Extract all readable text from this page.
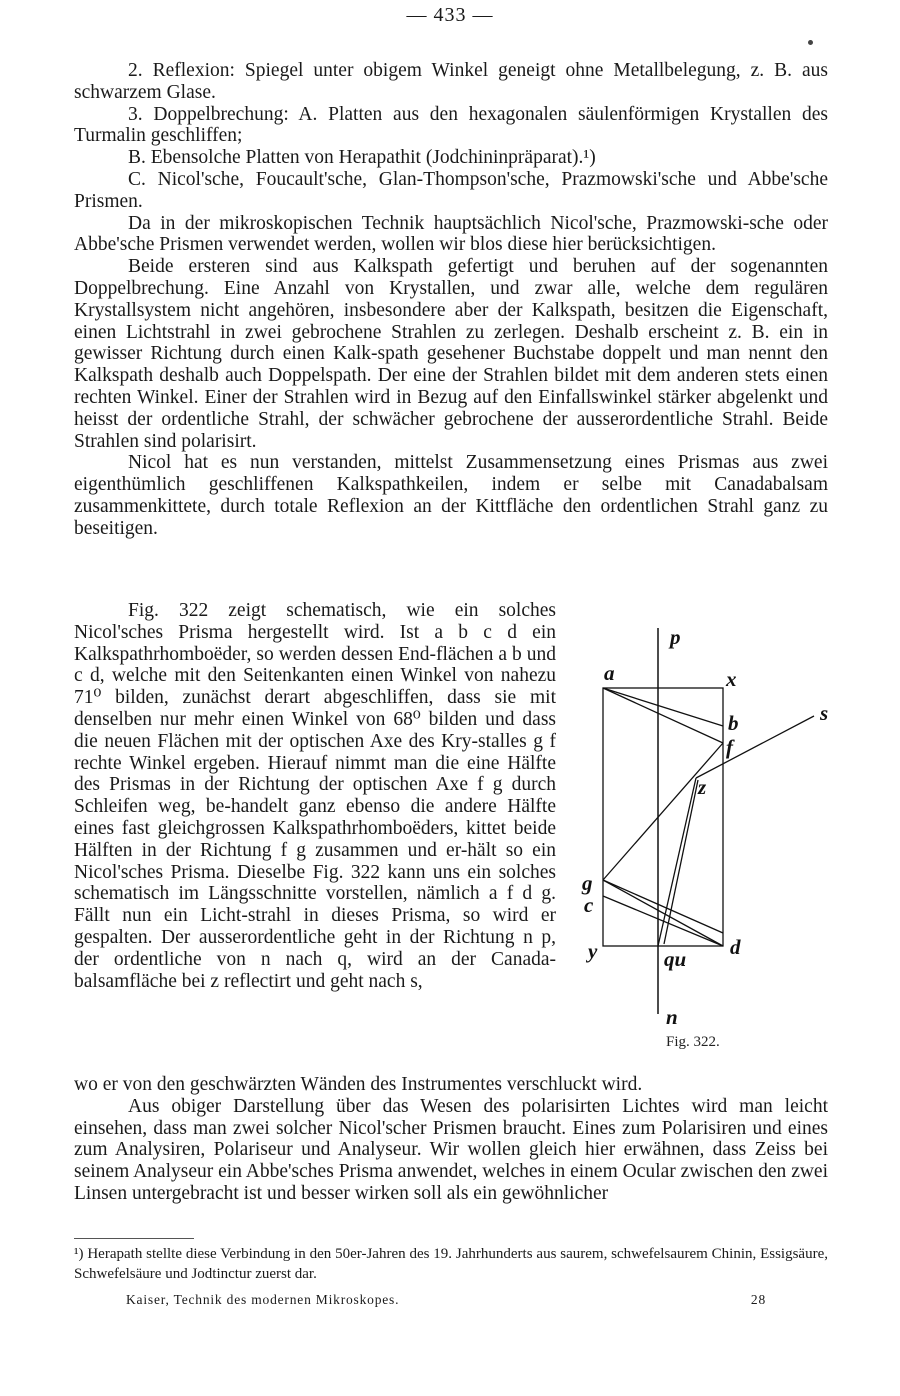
— 433 —

2. Reflexion: Spiegel unter obigem Winkel geneigt ohne Metallbelegung, z. B. aus schwarzem Glase.

3. Doppelbrechung: A. Platten aus den hexagonalen säulenförmigen Krystallen des Turmalin geschliffen;

B. Ebensolche Platten von Herapathit (Jodchininpräparat).¹)

C. Nicol'sche, Foucault'sche, Glan-Thompson'sche, Prazmowski'sche und Abbe'sche Prismen.

Da in der mikroskopischen Technik hauptsächlich Nicol'sche, Prazmowski-sche oder Abbe'sche Prismen verwendet werden, wollen wir blos diese hier berücksichtigen.

Beide ersteren sind aus Kalkspath gefertigt und beruhen auf der sogenannten Doppelbrechung. Eine Anzahl von Krystallen, und zwar alle, welche dem regulären Krystallsystem nicht angehören, insbesondere aber der Kalkspath, besitzen die Eigenschaft, einen Lichtstrahl in zwei gebrochene Strahlen zu zerlegen. Deshalb erscheint z. B. ein in gewisser Richtung durch einen Kalk-spath gesehener Buchstabe doppelt und man nennt den Kalkspath deshalb auch Doppelspath. Der eine der Strahlen bildet mit dem anderen stets einen rechten Winkel. Einer der Strahlen wird in Bezug auf den Einfallswinkel stärker abgelenkt und heisst der ordentliche Strahl, der schwächer gebrochene der ausserordentliche Strahl. Beide Strahlen sind polarisirt.

Nicol hat es nun verstanden, mittelst Zusammensetzung eines Prismas aus zwei eigenthümlich geschliffenen Kalkspathkeilen, indem er selbe mit Canadabalsam zusammenkittete, durch totale Reflexion an der Kittfläche den ordentlichen Strahl ganz zu beseitigen.

Fig. 322 zeigt schematisch, wie ein solches Nicol'sches Prisma hergestellt wird. Ist a b c d ein Kalkspathrhomboëder, so werden dessen End-flächen a b und c d, welche mit den Seitenkanten einen Winkel von nahezu 71⁰ bilden, zunächst derart abgeschliffen, dass sie mit denselben nur mehr einen Winkel von 68⁰ bilden und dass die neuen Flächen mit der optischen Axe des Kry-stalles g f rechte Winkel ergeben. Hierauf nimmt man die eine Hälfte des Prismas in der Richtung der optischen Axe f g durch Schleifen weg, be-handelt ganz ebenso die andere Hälfte eines fast gleichgrossen Kalkspathrhomboëders, kittet beide Hälften in der Richtung f g zusammen und er-hält so ein Nicol'sches Prisma. Dieselbe Fig. 322 kann uns ein solches schematisch im Längsschnitte vorstellen, nämlich a f d g. Fällt nun ein Licht-strahl in dieses Prisma, so wird er gespalten. Der ausserordentliche geht in der Richtung n p, der ordentliche von n nach q, wird an der Canada-balsamfläche bei z reflectirt und geht nach s,

p
a	x
b	s
f
z
g
c
y	qu d
n
Fig. 322.

wo er von den geschwärzten Wänden des Instrumentes verschluckt wird.

Aus obiger Darstellung über das Wesen des polarisirten Lichtes wird man leicht einsehen, dass man zwei solcher Nicol'scher Prismen braucht. Eines zum Polarisiren und eines zum Analysiren, Polariseur und Analyseur. Wir wollen gleich hier erwähnen, dass Zeiss bei seinem Analyseur ein Abbe'sches Prisma anwendet, welches in einem Ocular zwischen den zwei Linsen untergebracht ist und besser wirken soll als ein gewöhnlicher

¹) Herapath stellte diese Verbindung in den 50er-Jahren des 19. Jahrhunderts aus saurem, schwefelsaurem Chinin, Essigsäure, Schwefelsäure und Jodtinctur zuerst dar.
Kaiser, Technik des modernen Mikroskopes.	28
